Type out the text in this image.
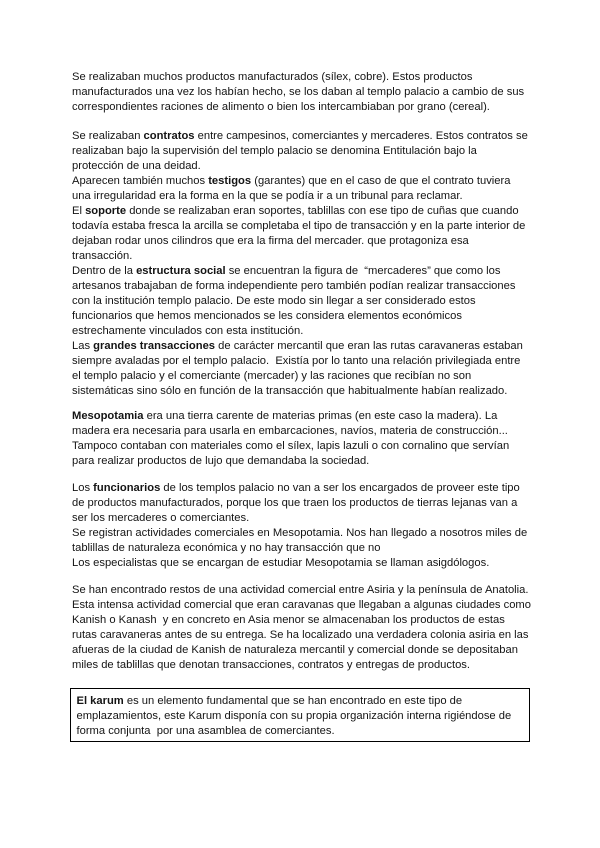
Se realizaban muchos productos manufacturados (sílex, cobre). Estos productos
manufacturados una vez los habían hecho, se los daban al templo palacio a cambio de sus
correspondientes raciones de alimento o bien los intercambiaban por grano (cereal).
Se realizaban contratos entre campesinos, comerciantes y mercaderes. Estos contratos se
realizaban bajo la supervisión del templo palacio se denomina Entitulación bajo la
protección de una deidad.
Aparecen también muchos testigos (garantes) que en el caso de que el contrato tuviera
una irregularidad era la forma en la que se podía ir a un tribunal para reclamar.
El soporte donde se realizaban eran soportes, tablillas con ese tipo de cuñas que cuando
todavía estaba fresca la arcilla se completaba el tipo de transacción y en la parte interior de
dejaban rodar unos cilindros que era la firma del mercader. que protagoniza esa
transacción.
Dentro de la estructura social se encuentran la figura de  “mercaderes” que como los
artesanos trabajaban de forma independiente pero también podían realizar transacciones
con la institución templo palacio. De este modo sin llegar a ser considerado estos
funcionarios que hemos mencionados se les considera elementos económicos
estrechamente vinculados con esta institución.
Las grandes transacciones de carácter mercantil que eran las rutas caravaneras estaban
siempre avaladas por el templo palacio.  Existía por lo tanto una relación privilegiada entre
el templo palacio y el comerciante (mercader) y las raciones que recibían no son
sistemáticas sino sólo en función de la transacción que habitualmente habían realizado.
Mesopotamia era una tierra carente de materias primas (en este caso la madera). La
madera era necesaria para usarla en embarcaciones, navíos, materia de construcción...
Tampoco contaban con materiales como el sílex, lapis lazuli o con cornalino que servían
para realizar productos de lujo que demandaba la sociedad.
Los funcionarios de los templos palacio no van a ser los encargados de proveer este tipo
de productos manufacturados, porque los que traen los productos de tierras lejanas van a
ser los mercaderes o comerciantes.
Se registran actividades comerciales en Mesopotamia. Nos han llegado a nosotros miles de
tablillas de naturaleza económica y no hay transacción que no
Los especialistas que se encargan de estudiar Mesopotamia se llaman asigdólogos.
Se han encontrado restos de una actividad comercial entre Asiria y la península de Anatolia.
Esta intensa actividad comercial que eran caravanas que llegaban a algunas ciudades como
Kanish o Kanash  y en concreto en Asia menor se almacenaban los productos de estas
rutas caravaneras antes de su entrega. Se ha localizado una verdadera colonia asiria en las
afueras de la ciudad de Kanish de naturaleza mercantil y comercial donde se depositaban
miles de tablillas que denotan transacciones, contratos y entregas de productos.
El karum es un elemento fundamental que se han encontrado en este tipo de
emplazamientos, este Karum disponía con su propia organización interna rigiéndose de
forma conjunta  por una asamblea de comerciantes.
